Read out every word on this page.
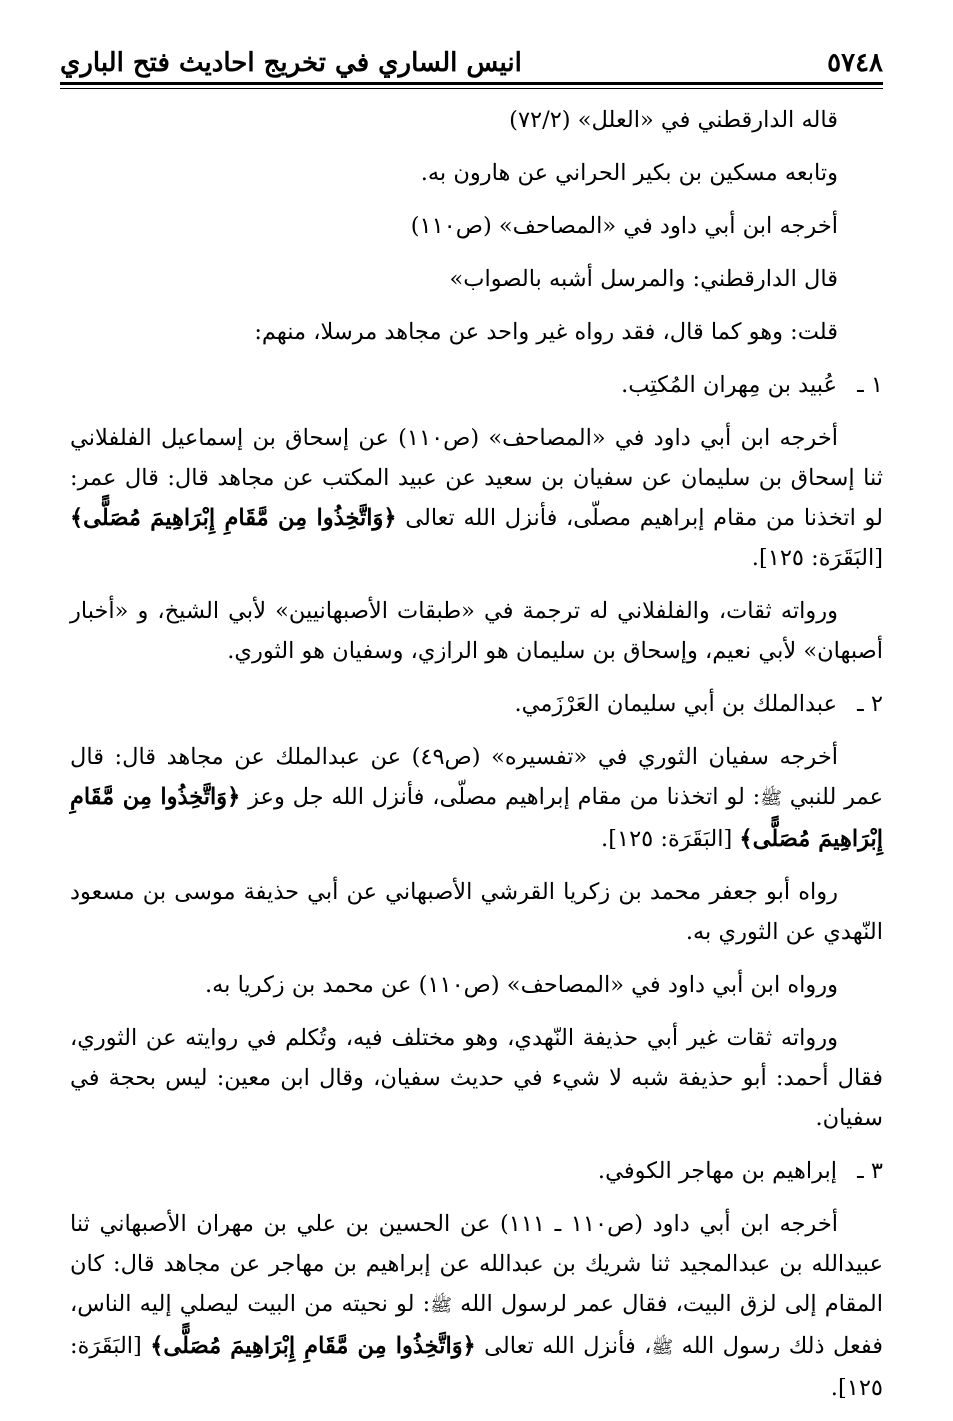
٥٧٤٨
انيس الساري في تخريج احاديث فتح الباري

قاله الدارقطني في «العلل» (٧٢/٢)

وتابعه مسكين بن بكير الحراني عن هارون به.

أخرجه ابن أبي داود في «المصاحف» (ص١١٠)

قال الدارقطني: والمرسل أشبه بالصواب»

قلت: وهو كما قال، فقد رواه غير واحد عن مجاهد مرسلا، منهم:

١ ـ
عُبيد بن مِهران المُكتِب.

أخرجه ابن أبي داود في «المصاحف» (ص١١٠) عن إسحاق بن إسماعيل الفلفلاني ثنا إسحاق بن سليمان عن سفيان بن سعيد عن عبيد المكتب عن مجاهد قال: قال عمر: لو اتخذنا من مقام إبراهيم مصلّى، فأنزل الله تعالى ﴿وَاتَّخِذُوا مِن مَّقَامِ إِبْرَاهِيمَ مُصَلًّى﴾ [البَقَرَة: ١٢٥].

ورواته ثقات، والفلفلاني له ترجمة في «طبقات الأصبهانيين» لأبي الشيخ، و «أخبار أصبهان» لأبي نعيم، وإسحاق بن سليمان هو الرازي، وسفيان هو الثوري.

٢ ـ
عبدالملك بن أبي سليمان العَرْزَمي.

أخرجه سفيان الثوري في «تفسيره» (ص٤٩) عن عبدالملك عن مجاهد قال: قال عمر للنبي ﷺ: لو اتخذنا من مقام إبراهيم مصلّى، فأنزل الله جل وعز ﴿وَاتَّخِذُوا مِن مَّقَامِ إِبْرَاهِيمَ مُصَلًّى﴾ [البَقَرَة: ١٢٥].

رواه أبو جعفر محمد بن زكريا القرشي الأصبهاني عن أبي حذيفة موسى بن مسعود النّهدي عن الثوري به.

ورواه ابن أبي داود في «المصاحف» (ص١١٠) عن محمد بن زكريا به.

ورواته ثقات غير أبي حذيفة النّهدي، وهو مختلف فيه، وتُكلم في روايته عن الثوري، فقال أحمد: أبو حذيفة شبه لا شيء في حديث سفيان، وقال ابن معين: ليس بحجة في سفيان.

٣ ـ
إبراهيم بن مهاجر الكوفي.

أخرجه ابن أبي داود (ص١١٠ ـ ١١١) عن الحسين بن علي بن مهران الأصبهاني ثنا عبيدالله بن عبدالمجيد ثنا شريك بن عبدالله عن إبراهيم بن مهاجر عن مجاهد قال: كان المقام إلى لزق البيت، فقال عمر لرسول الله ﷺ: لو نحيته من البيت ليصلي إليه الناس، ففعل ذلك رسول الله ﷺ، فأنزل الله تعالى ﴿وَاتَّخِذُوا مِن مَّقَامِ إِبْرَاهِيمَ مُصَلًّى﴾ [البَقَرَة: ١٢٥].
